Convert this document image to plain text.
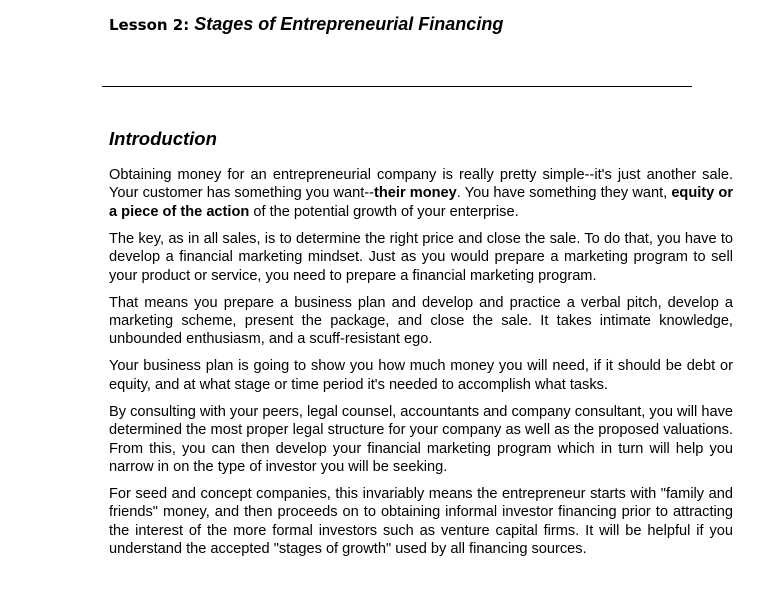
Lesson 2: Stages of Entrepreneurial Financing
Introduction

Obtaining money for an entrepreneurial company is really pretty simple--it's just another sale. Your customer has something you want--their money. You have something they want, equity or a piece of the action of the potential growth of your enterprise.

The key, as in all sales, is to determine the right price and close the sale. To do that, you have to develop a financial marketing mindset. Just as you would prepare a marketing program to sell your product or service, you need to prepare a financial marketing program.

That means you prepare a business plan and develop and practice a verbal pitch, develop a marketing scheme, present the package, and close the sale. It takes intimate knowledge, unbounded enthusiasm, and a scuff-resistant ego.

Your business plan is going to show you how much money you will need, if it should be debt or equity, and at what stage or time period it's needed to accomplish what tasks.

By consulting with your peers, legal counsel, accountants and company consultant, you will have determined the most proper legal structure for your company as well as the proposed valuations. From this, you can then develop your financial marketing program which in turn will help you narrow in on the type of investor you will be seeking.

For seed and concept companies, this invariably means the entrepreneur starts with "family and friends" money, and then proceeds on to obtaining informal investor financing prior to attracting the interest of the more formal investors such as venture capital firms. It will be helpful if you understand the accepted "stages of growth" used by all financing sources.
